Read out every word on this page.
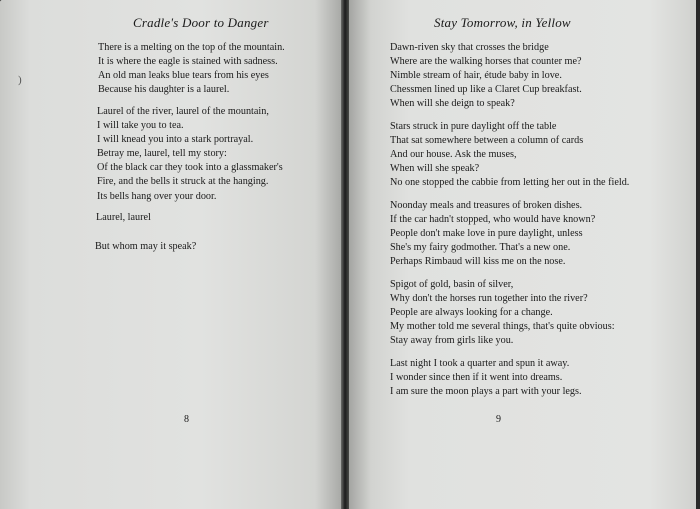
Cradle's Door to Danger
)
There is a melting on the top of the mountain.
It is where the eagle is stained with sadness.
An old man leaks blue tears from his eyes
Because his daughter is a laurel.
Laurel of the river, laurel of the mountain,
I will take you to tea.
I will knead you into a stark portrayal.
Betray me, laurel, tell my story:
Of the black car they took into a glassmaker's
Fire, and the bells it struck at the hanging.
Its bells hang over your door.
Laurel, laurel
But whom may it speak?
8
Stay Tomorrow, in Yellow
Dawn-riven sky that crosses the bridge
Where are the walking horses that counter me?
Nimble stream of hair, étude baby in love.
Chessmen lined up like a Claret Cup breakfast.
When will she deign to speak?
Stars struck in pure daylight off the table
That sat somewhere between a column of cards
And our house. Ask the muses,
When will she speak?
No one stopped the cabbie from letting her out in the field.
Noonday meals and treasures of broken dishes.
If the car hadn't stopped, who would have known?
People don't make love in pure daylight, unless
She's my fairy godmother. That's a new one.
Perhaps Rimbaud will kiss me on the nose.
Spigot of gold, basin of silver,
Why don't the horses run together into the river?
People are always looking for a change.
My mother told me several things, that's quite obvious:
Stay away from girls like you.
Last night I took a quarter and spun it away.
I wonder since then if it went into dreams.
I am sure the moon plays a part with your legs.
9
